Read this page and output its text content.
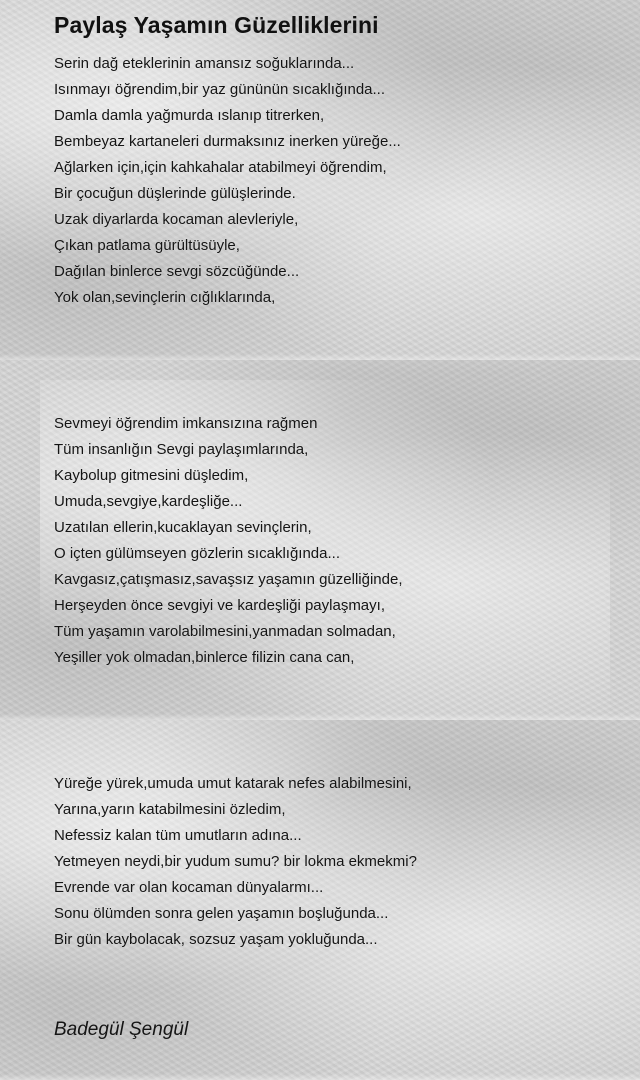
Paylaş Yaşamın Güzelliklerini
Serin dağ eteklerinin amansız soğuklarında...
Isınmayı öğrendim,bir yaz gününün sıcaklığında...
Damla damla yağmurda ıslanıp titrerken,
Bembeyaz kartaneleri durmaksınız inerken yüreğe...
Ağlarken için,için kahkahalar atabilmeyi öğrendim,
Bir çocuğun düşlerinde gülüşlerinde.
Uzak diyarlarda kocaman alevleriyle,
Çıkan patlama gürültüsüyle,
Dağılan binlerce sevgi sözcüğünde...
Yok olan,sevinçlerin cığlıklarında,
Sevmeyi öğrendim imkansızına rağmen
Tüm insanlığın Sevgi paylaşımlarında,
Kaybolup gitmesini düşledim,
Umuda,sevgiye,kardeşliğe...
Uzatılan ellerin,kucaklayan sevinçlerin,
O içten gülümseyen gözlerin sıcaklığında...
Kavgasız,çatışmasız,savaşsız yaşamın güzelliğinde,
Herşeyden önce sevgiyi ve kardeşliği paylaşmayı,
Tüm yaşamın varolabilmesini,yanmadan solmadan,
Yeşiller yok olmadan,binlerce filizin cana can,
Yüreğe yürek,umuda umut katarak nefes alabilmesini,
Yarına,yarın katabilmesini özledim,
Nefessiz kalan tüm umutların adına...
Yetmeyen neydi,bir yudum sumu? bir lokma ekmekmi?
Evrende var olan kocaman dünyalarmı...
Sonu ölümden sonra gelen yaşamın boşluğunda...
Bir gün kaybolacak, sozsuz yaşam yokluğunda...

Badegül Şengül
